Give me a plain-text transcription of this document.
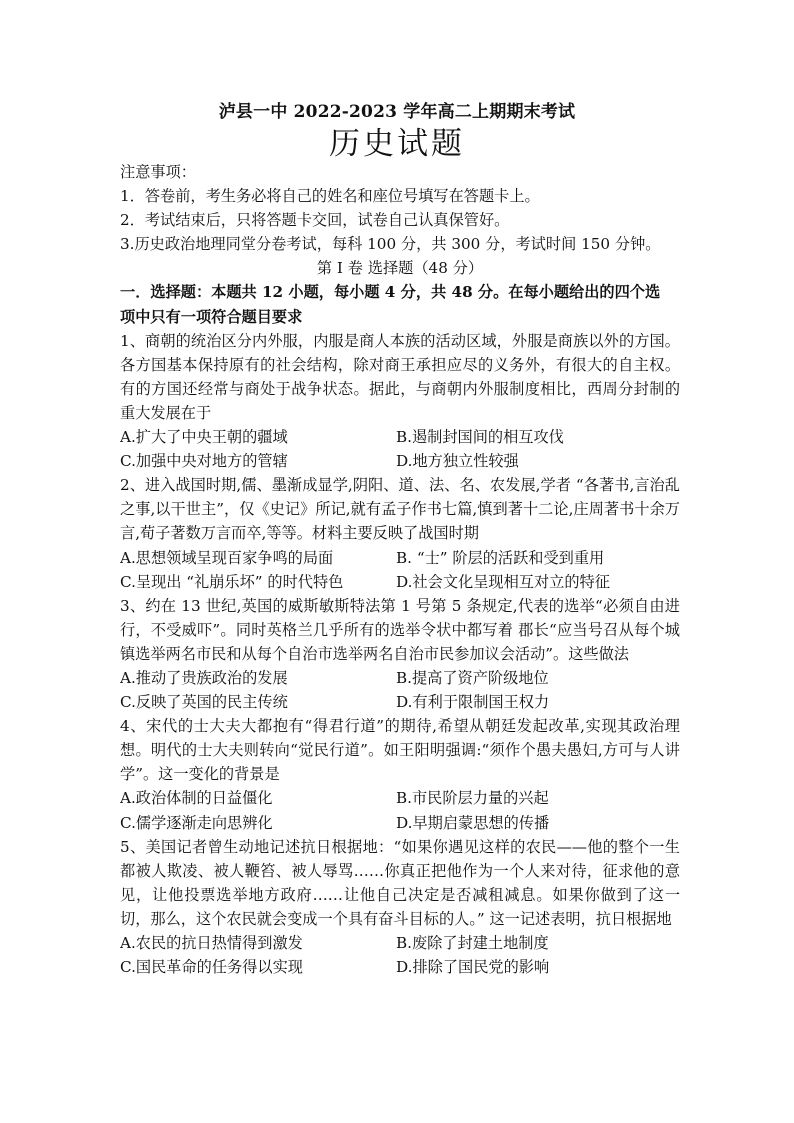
泸县一中 2022-2023 学年高二上期期末考试
历史试题
注意事项：
1．答卷前，考生务必将自己的姓名和座位号填写在答题卡上。
2．考试结束后，只将答题卡交回，试卷自己认真保管好。
3.历史政治地理同堂分卷考试，每科 100 分，共 300 分，考试时间 150 分钟。
第 I 卷 选择题（48 分）
一．选择题：本题共 12 小题，每小题 4 分，共 48 分。在每小题给出的四个选
项中只有一项符合题目要求
1、商朝的统治区分内外服，内服是商人本族的活动区域，外服是商族以外的方国。各方国基本保持原有的社会结构，除对商王承担应尽的义务外，有很大的自主权。有的方国还经常与商处于战争状态。据此，与商朝内外服制度相比，西周分封制的重大发展在于
A.扩大了中央王朝的疆域	B.遏制封国间的相互攻伐
C.加强中央对地方的管辖	D.地方独立性较强
2、进入战国时期,儒、墨渐成显学,阴阳、道、法、名、农发展,学者 “各著书,言治乱之事,以干世主”，仅《史记》所记,就有孟子作书七篇,慎到著十二论,庄周著书十余万言,荀子著数万言而卒,等等。材料主要反映了战国时期
A.思想领域呈现百家争鸣的局面	B. “士” 阶层的活跃和受到重用
C.呈现出 “礼崩乐坏” 的时代特色	D.社会文化呈现相互对立的特征
3、约在 13 世纪,英国的威斯敏斯特法第 1 号第 5 条规定,代表的选举“必须自由进行，不受威吓”。同时英格兰几乎所有的选举令状中都写着 郡长“应当号召从每个城镇选举两名市民和从每个自治市选举两名自治市民参加议会活动”。这些做法
A.推动了贵族政治的发展	B.提高了资产阶级地位
C.反映了英国的民主传统	D.有利于限制国王权力
4、宋代的士大夫大都抱有“得君行道”的期待,希望从朝廷发起改革,实现其政治理想。明代的士大夫则转向“觉民行道”。如王阳明强调:“须作个愚夫愚妇,方可与人讲学”。这一变化的背景是
A.政治体制的日益僵化	B.市民阶层力量的兴起
C.儒学逐渐走向思辨化	D.早期启蒙思想的传播
5、美国记者曾生动地记述抗日根据地：“如果你遇见这样的农民——他的整个一生都被人欺凌、被人鞭笞、被人辱骂……你真正把他作为一个人来对待，征求他的意见，让他投票选举地方政府……让他自己决定是否减租减息。如果你做到了这一切，那么，这个农民就会变成一个具有奋斗目标的人。” 这一记述表明，抗日根据地
A.农民的抗日热情得到激发	B.废除了封建土地制度
C.国民革命的任务得以实现	D.排除了国民党的影响
